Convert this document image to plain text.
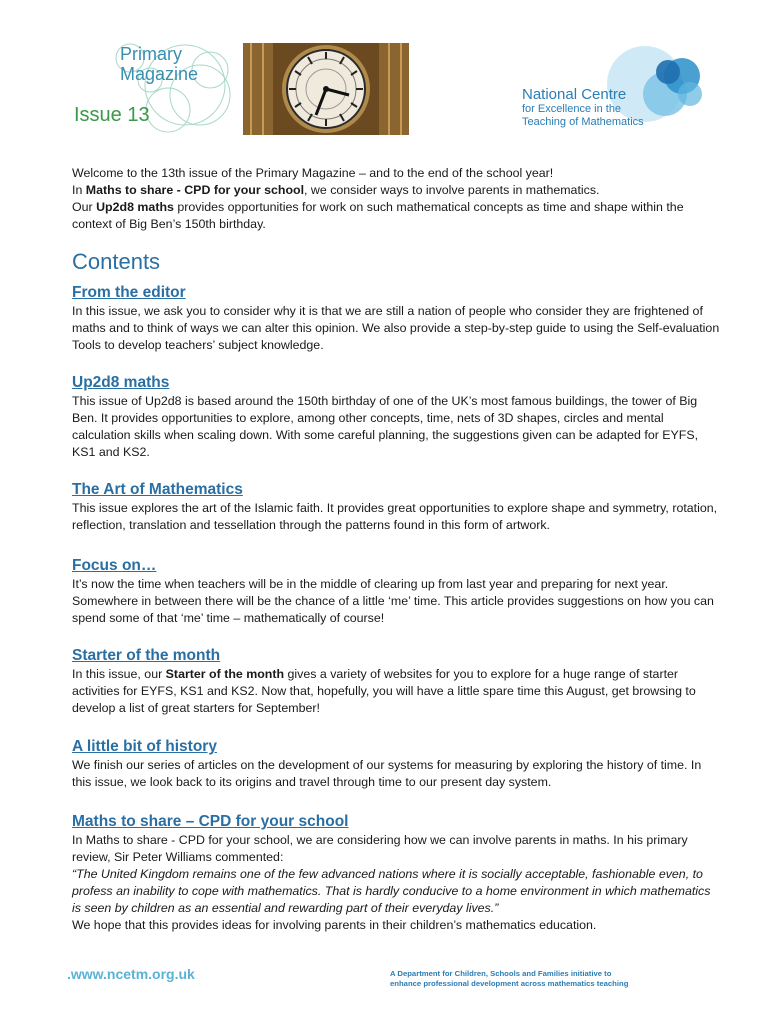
Primary
Magazine
Issue 13
National Centre
for Excellence in the
Teaching of Mathematics

Welcome to the 13th issue of the Primary Magazine – and to the end of the school year!

In Maths to share - CPD for your school, we consider ways to involve parents in mathematics.

Our Up2d8 maths provides opportunities for work on such mathematical concepts as time and shape within the context of Big Ben’s 150th birthday.

Contents
From the editor

In this issue, we ask you to consider why it is that we are still a nation of people who consider they are frightened of maths and to think of ways we can alter this opinion. We also provide a step-by-step guide to using the Self-evaluation Tools to develop teachers’ subject knowledge.

Up2d8 maths

This issue of Up2d8 is based around the 150th birthday of one of the UK’s most famous buildings, the tower of Big Ben. It provides opportunities to explore, among other concepts, time, nets of 3D shapes, circles and mental calculation skills when scaling down. With some careful planning, the suggestions given can be adapted for EYFS, KS1 and KS2.

The Art of Mathematics

This issue explores the art of the Islamic faith. It provides great opportunities to explore shape and symmetry, rotation, reflection, translation and tessellation through the patterns found in this form of artwork.

Focus on…

It’s now the time when teachers will be in the middle of clearing up from last year and preparing for next year. Somewhere in between there will be the chance of a little ‘me’ time. This article provides suggestions on how you can spend some of that ‘me’ time – mathematically of course!

Starter of the month

In this issue, our Starter of the month gives a variety of websites for you to explore for a huge range of starter activities for EYFS, KS1 and KS2. Now that, hopefully, you will have a little spare time this August, get browsing to develop a list of great starters for September!

A little bit of history

We finish our series of articles on the development of our systems for measuring by exploring the history of time. In this issue, we look back to its origins and travel through time to our present day system.

Maths to share – CPD for your school

In Maths to share - CPD for your school, we are considering how we can involve parents in maths. In his primary review, Sir Peter Williams commented:

“The United Kingdom remains one of the few advanced nations where it is socially acceptable, fashionable even, to profess an inability to cope with mathematics. That is hardly conducive to a home environment in which mathematics is seen by children as an essential and rewarding part of their everyday lives.”

We hope that this provides ideas for involving parents in their children’s mathematics education.

.www.ncetm.org.uk	A Department for Children, Schools and Families initiative to
enhance professional development across mathematics teaching
